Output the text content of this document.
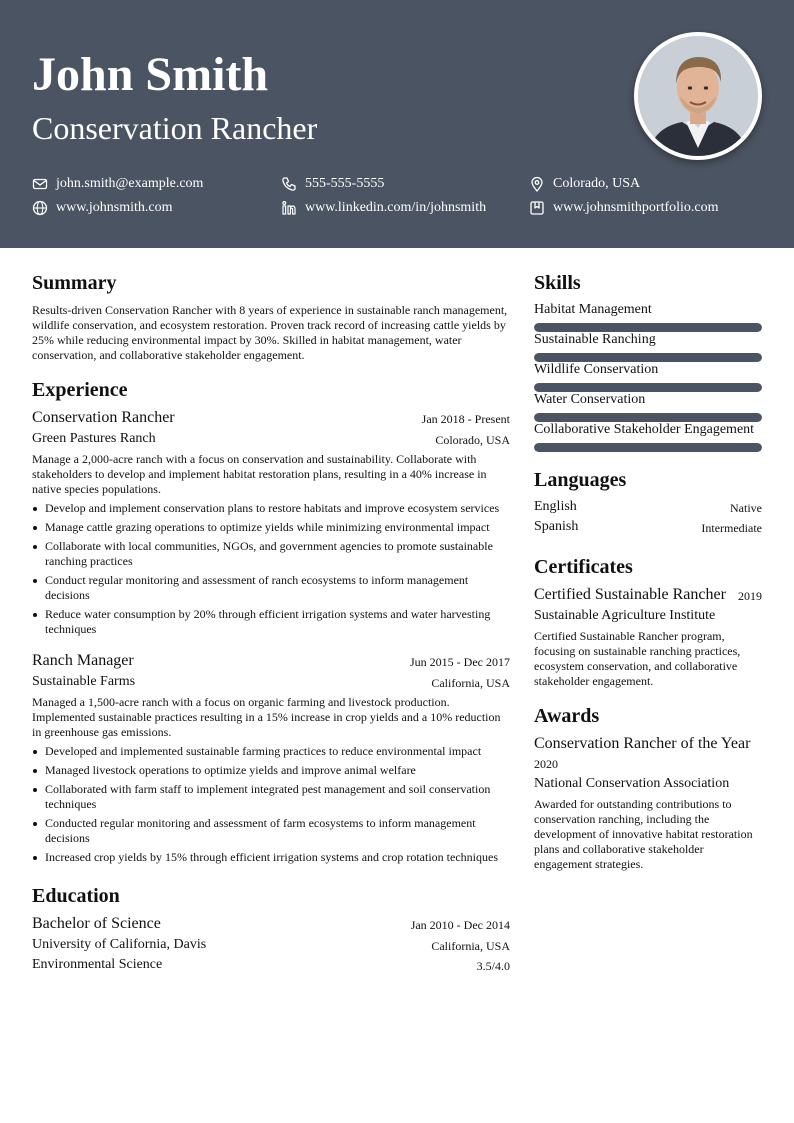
John Smith
Conservation Rancher
john.smith@example.com	555-555-5555	Colorado, USA
www.johnsmith.com	www.linkedin.com/in/johnsmith	www.johnsmithportfolio.com
Summary
Results-driven Conservation Rancher with 8 years of experience in sustainable ranch management, wildlife conservation, and ecosystem restoration. Proven track record of increasing cattle yields by 25% while reducing environmental impact by 30%. Skilled in habitat management, water conservation, and collaborative stakeholder engagement.
Experience
Conservation Rancher	Jan 2018 - Present
Green Pastures Ranch	Colorado, USA
Manage a 2,000-acre ranch with a focus on conservation and sustainability. Collaborate with stakeholders to develop and implement habitat restoration plans, resulting in a 40% increase in native species populations.
Develop and implement conservation plans to restore habitats and improve ecosystem services
Manage cattle grazing operations to optimize yields while minimizing environmental impact
Collaborate with local communities, NGOs, and government agencies to promote sustainable ranching practices
Conduct regular monitoring and assessment of ranch ecosystems to inform management decisions
Reduce water consumption by 20% through efficient irrigation systems and water harvesting techniques
Ranch Manager	Jun 2015 - Dec 2017
Sustainable Farms	California, USA
Managed a 1,500-acre ranch with a focus on organic farming and livestock production. Implemented sustainable practices resulting in a 15% increase in crop yields and a 10% reduction in greenhouse gas emissions.
Developed and implemented sustainable farming practices to reduce environmental impact
Managed livestock operations to optimize yields and improve animal welfare
Collaborated with farm staff to implement integrated pest management and soil conservation techniques
Conducted regular monitoring and assessment of farm ecosystems to inform management decisions
Increased crop yields by 15% through efficient irrigation systems and crop rotation techniques
Education
Bachelor of Science	Jan 2010 - Dec 2014
University of California, Davis	California, USA
Environmental Science	3.5/4.0
Skills
Habitat Management
Sustainable Ranching
Wildlife Conservation
Water Conservation
Collaborative Stakeholder Engagement
Languages
English	Native
Spanish	Intermediate
Certificates
Certified Sustainable Rancher 2019
Sustainable Agriculture Institute
Certified Sustainable Rancher program, focusing on sustainable ranching practices, ecosystem conservation, and collaborative stakeholder engagement.
Awards
Conservation Rancher of the Year
2020
National Conservation Association
Awarded for outstanding contributions to conservation ranching, including the development of innovative habitat restoration plans and collaborative stakeholder engagement strategies.
